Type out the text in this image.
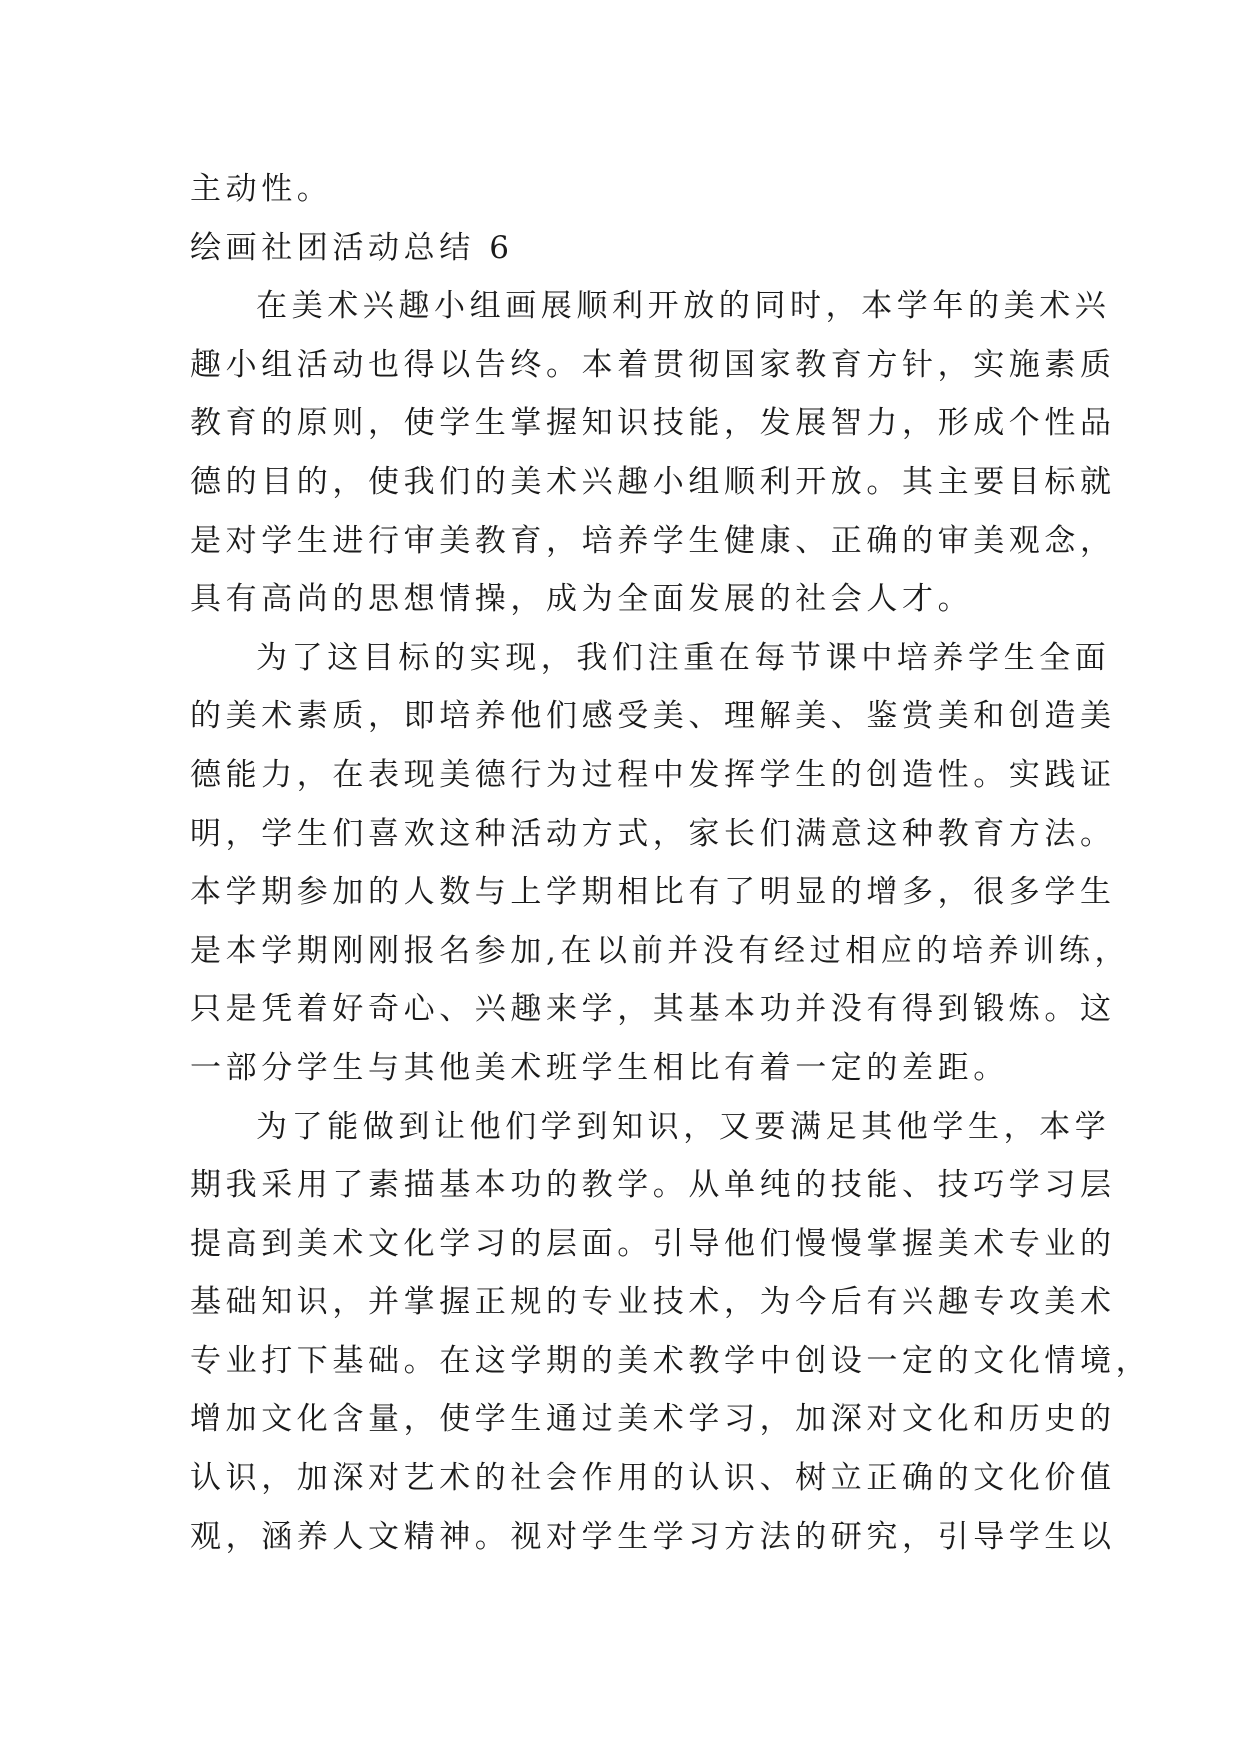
主动性。
绘画社团活动总结 6
在美术兴趣小组画展顺利开放的同时，本学年的美术兴
趣小组活动也得以告终。本着贯彻国家教育方针，实施素质
教育的原则，使学生掌握知识技能，发展智力，形成个性品
德的目的，使我们的美术兴趣小组顺利开放。其主要目标就
是对学生进行审美教育，培养学生健康、正确的审美观念，
具有高尚的思想情操，成为全面发展的社会人才。
为了这目标的实现，我们注重在每节课中培养学生全面
的美术素质，即培养他们感受美、理解美、鉴赏美和创造美
德能力，在表现美德行为过程中发挥学生的创造性。实践证
明，学生们喜欢这种活动方式，家长们满意这种教育方法。
本学期参加的人数与上学期相比有了明显的增多，很多学生
是本学期刚刚报名参加,在以前并没有经过相应的培养训练，
只是凭着好奇心、兴趣来学，其基本功并没有得到锻炼。这
一部分学生与其他美术班学生相比有着一定的差距。
为了能做到让他们学到知识，又要满足其他学生，本学
期我采用了素描基本功的教学。从单纯的技能、技巧学习层
提高到美术文化学习的层面。引导他们慢慢掌握美术专业的
基础知识，并掌握正规的专业技术，为今后有兴趣专攻美术
专业打下基础。在这学期的美术教学中创设一定的文化情境，
增加文化含量，使学生通过美术学习，加深对文化和历史的
认识，加深对艺术的社会作用的认识、树立正确的文化价值
观，涵养人文精神。视对学生学习方法的研究，引导学生以
